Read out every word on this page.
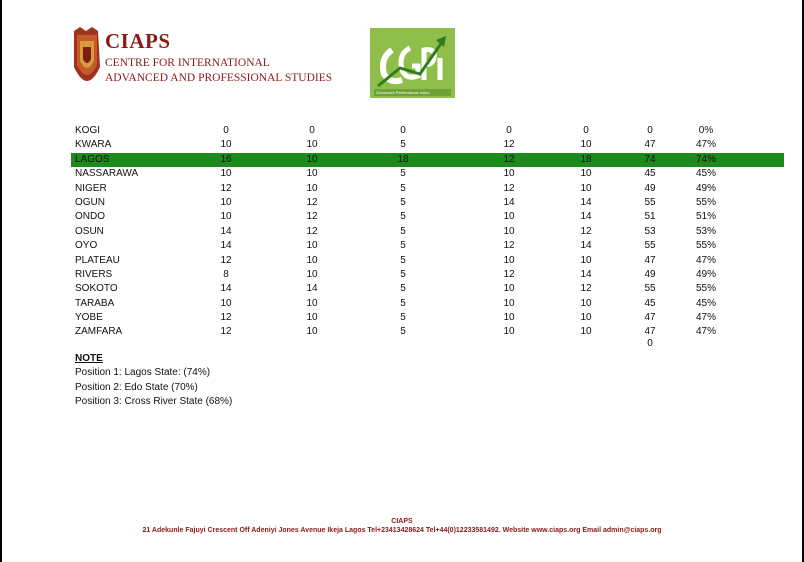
CIAPS
CENTRE FOR INTERNATIONAL
ADVANCED AND PROFESSIONAL STUDIES
Governors Performance Index
KOGI	0	0	0	0	0	0	0%
KWARA	10	10	5	12	10	47	47%
LAGOS	16	10	18	12	18	74	74%
NASSARAWA	10	10	5	10	10	45	45%
NIGER	12	10	5	12	10	49	49%
OGUN	10	12	5	14	14	55	55%
ONDO	10	12	5	10	14	51	51%
OSUN	14	12	5	10	12	53	53%
OYO	14	10	5	12	14	55	55%
PLATEAU	12	10	5	10	10	47	47%
RIVERS	8	10	5	12	14	49	49%
SOKOTO	14	14	5	10	12	55	55%
TARABA	10	10	5	10	10	45	45%
YOBE	12	10	5	10	10	47	47%
ZAMFARA	12	10	5	10	10	47	47%
0
NOTE
Position 1: Lagos State: (74%)
Position 2: Edo State (70%)
Position 3: Cross River State (68%)
CIAPS
21 Adekunle Fajuyi Crescent Off Adeniyi Jones Avenue Ikeja Lagos Tel+23413428624 Tel+44(0)12233581492. Website www.ciaps.org Email admin@ciaps.org
